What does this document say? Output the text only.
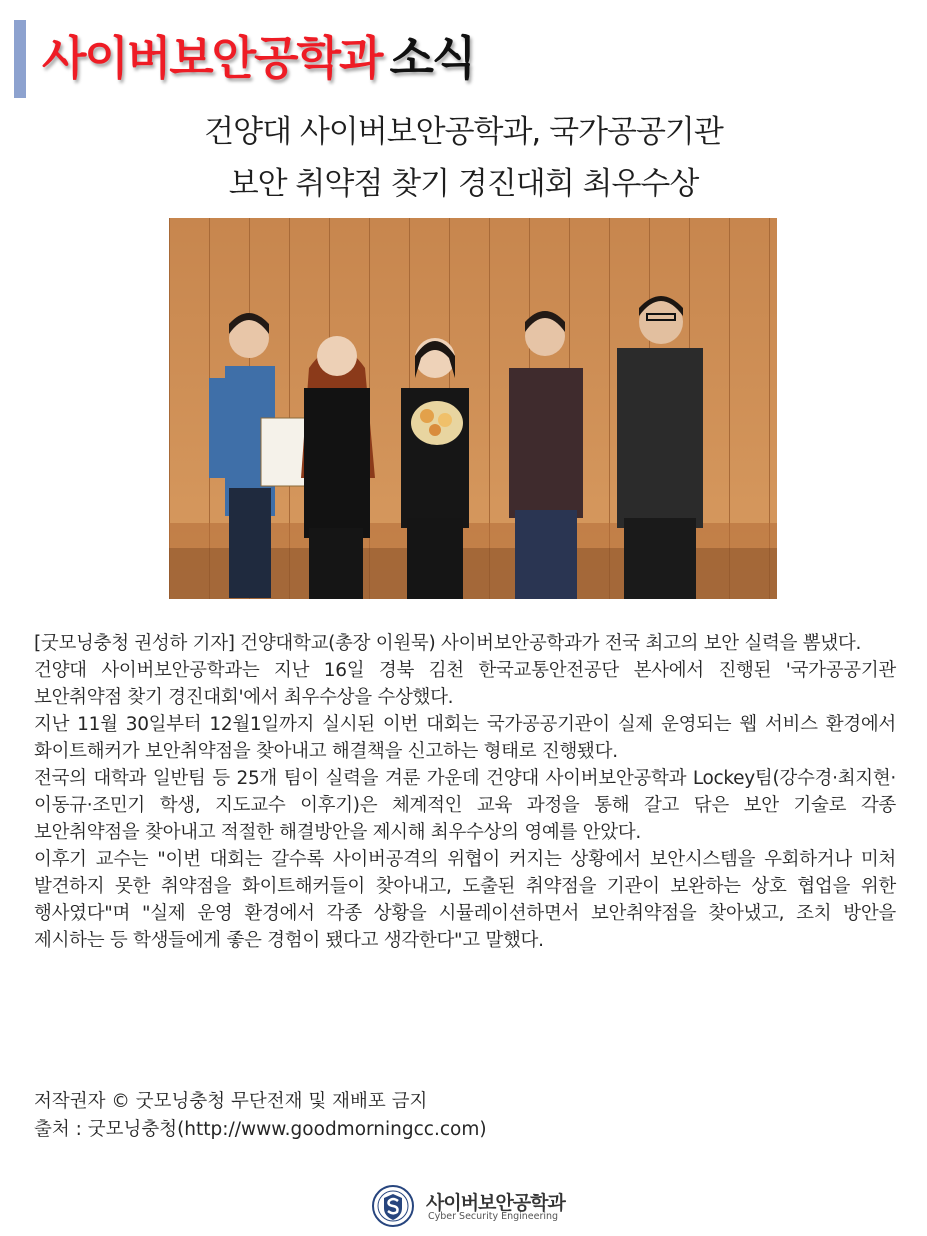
사이버보안공학과 소식
건양대 사이버보안공학과, 국가공공기관
보안 취약점 찾기 경진대회 최우수상

[굿모닝충청 권성하 기자] 건양대학교(총장 이원묵) 사이버보안공학과가 전국 최고의 보안 실력을 뽐냈다.

건양대 사이버보안공학과는 지난 16일 경북 김천 한국교통안전공단 본사에서 진행된 '국가공공기관 보안취약점 찾기 경진대회'에서 최우수상을 수상했다.

지난 11월 30일부터 12월1일까지 실시된 이번 대회는 국가공공기관이 실제 운영되는 웹 서비스 환경에서 화이트해커가 보안취약점을 찾아내고 해결책을 신고하는 형태로 진행됐다.

전국의 대학과 일반팀 등 25개 팀이 실력을 겨룬 가운데 건양대 사이버보안공학과 Lockey팀(강수경·최지현·이동규·조민기 학생, 지도교수 이후기)은 체계적인 교육 과정을 통해 갈고 닦은 보안 기술로 각종 보안취약점을 찾아내고 적절한 해결방안을 제시해 최우수상의 영예를 안았다.

이후기 교수는 "이번 대회는 갈수록 사이버공격의 위협이 커지는 상황에서 보안시스템을 우회하거나 미처 발견하지 못한 취약점을 화이트해커들이 찾아내고, 도출된 취약점을 기관이 보완하는 상호 협업을 위한 행사였다"며 "실제 운영 환경에서 각종 상황을 시뮬레이션하면서 보안취약점을 찾아냈고, 조치 방안을 제시하는 등 학생들에게 좋은 경험이 됐다고 생각한다"고 말했다.

저작권자 © 굿모닝충청 무단전재 및 재배포 금지

출처 : 굿모닝충청(http://www.goodmorningcc.com)

사이버보안공학과
Cyber Security Engineering
